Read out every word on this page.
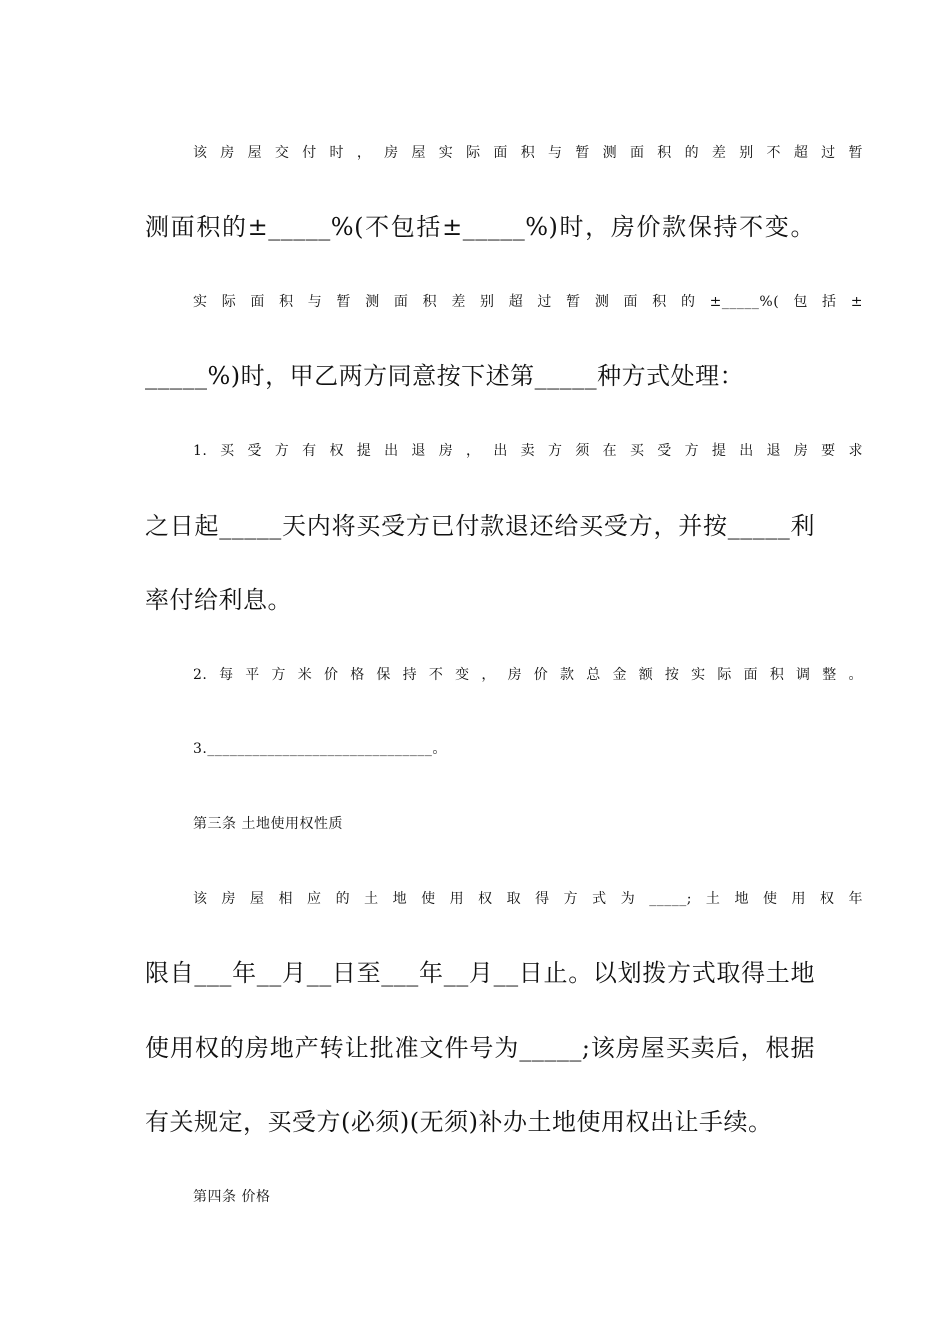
该房屋交付时，房屋实际面积与暂测面积的差别不超过暂
测面积的±_____%(不包括±_____%)时，房价款保持不变。
实际面积与暂测面积差别超过暂测面积的±_____%(包括±
_____%)时，甲乙两方同意按下述第_____种方式处理：
1.买受方有权提出退房，出卖方须在买受方提出退房要求
之日起_____天内将买受方已付款退还给买受方，并按_____利
率付给利息。
2.每平方米价格保持不变，房价款总金额按实际面积调整。
3.______________________________。
第三条 土地使用权性质
该房屋相应的土地使用权取得方式为_____;土地使用权年
限自___年__月__日至___年__月__日止。以划拨方式取得土地
使用权的房地产转让批准文件号为_____;该房屋买卖后，根据
有关规定，买受方(必须)(无须)补办土地使用权出让手续。
第四条 价格
